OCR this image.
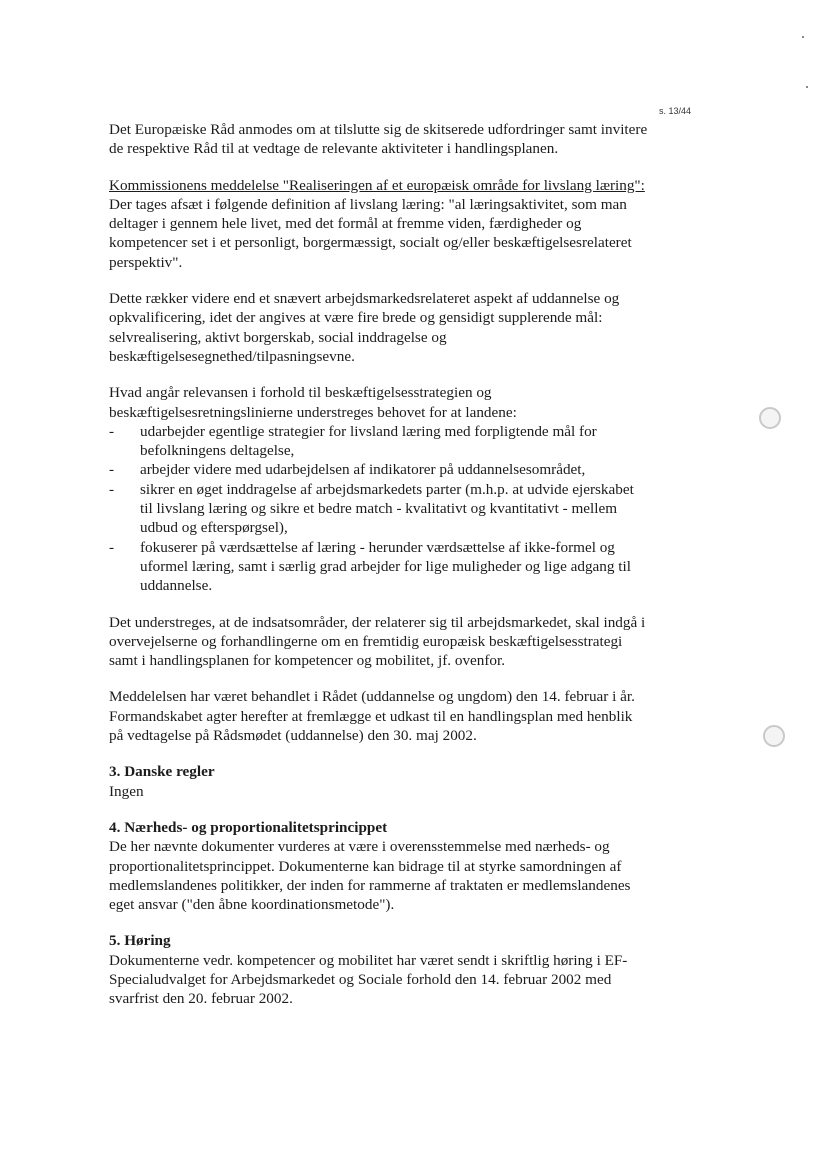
s. 13/44

Det Europæiske Råd anmodes om at tilslutte sig de skitserede udfordringer samt invitere de respektive Råd til at vedtage de relevante aktiviteter i handlingsplanen.

Kommissionens meddelelse "Realiseringen af et europæisk område for livslang læring":

Der tages afsæt i følgende definition af livslang læring: "al læringsaktivitet, som man deltager i gennem hele livet, med det formål at fremme viden, færdigheder og kompetencer set i et personligt, borgermæssigt, socialt og/eller beskæftigelsesrelateret perspektiv".

Dette rækker videre end et snævert arbejdsmarkedsrelateret aspekt af uddannelse og opkvalificering, idet der angives at være fire brede og gensidigt supplerende mål: selvrealisering, aktivt borgerskab, social inddragelse og beskæftigelsesegnethed/tilpasningsevne.

Hvad angår relevansen i forhold til beskæftigelsesstrategien og beskæftigelsesretningslinierne understreges behovet for at landene:

- udarbejder egentlige strategier for livsland læring med forpligtende mål for befolkningens deltagelse,
- arbejder videre med udarbejdelsen af indikatorer på uddannelsesområdet,
- sikrer en øget inddragelse af arbejdsmarkedets parter (m.h.p. at udvide ejerskabet til livslang læring og sikre et bedre match - kvalitativt og kvantitativt - mellem udbud og efterspørgsel),
- fokuserer på værdsættelse af læring - herunder værdsættelse af ikke-formel og uformel læring, samt i særlig grad arbejder for lige muligheder og lige adgang til uddannelse.

Det understreges, at de indsatsområder, der relaterer sig til arbejdsmarkedet, skal indgå i overvejelserne og forhandlingerne om en fremtidig europæisk beskæftigelsesstrategi samt i handlingsplanen for kompetencer og mobilitet, jf. ovenfor.

Meddelelsen har været behandlet i Rådet (uddannelse og ungdom) den 14. februar i år. Formandskabet agter herefter at fremlægge et udkast til en handlingsplan med henblik på vedtagelse på Rådsmødet (uddannelse) den 30. maj 2002.

3. Danske regler

Ingen

4. Nærheds- og proportionalitetsprincippet

De her nævnte dokumenter vurderes at være i overensstemmelse med nærheds- og proportionalitetsprincippet. Dokumenterne kan bidrage til at styrke samordningen af medlemslandenes politikker, der inden for rammerne af traktaten er medlemslandenes eget ansvar ("den åbne koordinationsmetode").

5. Høring

Dokumenterne vedr. kompetencer og mobilitet har været sendt i skriftlig høring i EF-Specialudvalget for Arbejdsmarkedet og Sociale forhold den 14. februar 2002 med svarfrist den 20. februar 2002.
